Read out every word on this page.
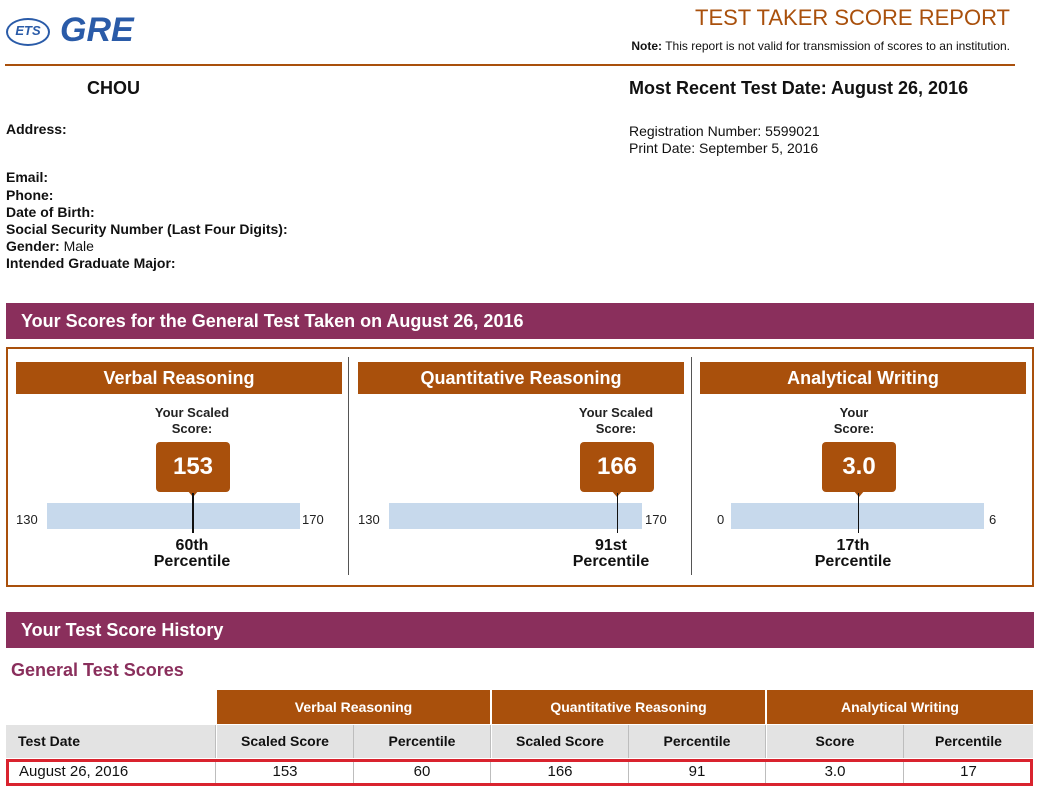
ETS GRE	TEST TAKER SCORE REPORT
Note: This report is not valid for transmission of scores to an institution.
CHOU	Most Recent Test Date: August 26, 2016
Address:	Registration Number: 5599021
Print Date: September 5, 2016
Email:
Phone:
Date of Birth:
Social Security Number (Last Four Digits):
Gender: Male
Intended Graduate Major:
Your Scores for the General Test Taken on August 26, 2016
Verbal Reasoning
Your Scaled
Score:
153
130	170
60th
Percentile
Quantitative Reasoning
Your Scaled
Score:
166
130	170
91st
Percentile
Analytical Writing
Your
Score:
3.0
0	6
17th
Percentile
Your Test Score History
General Test Scores
Verbal Reasoning	Quantitative Reasoning	Analytical Writing
Test Date	Scaled Score	Percentile	Scaled Score	Percentile	Score	Percentile
August 26, 2016	153	60	166	91	3.0	17
